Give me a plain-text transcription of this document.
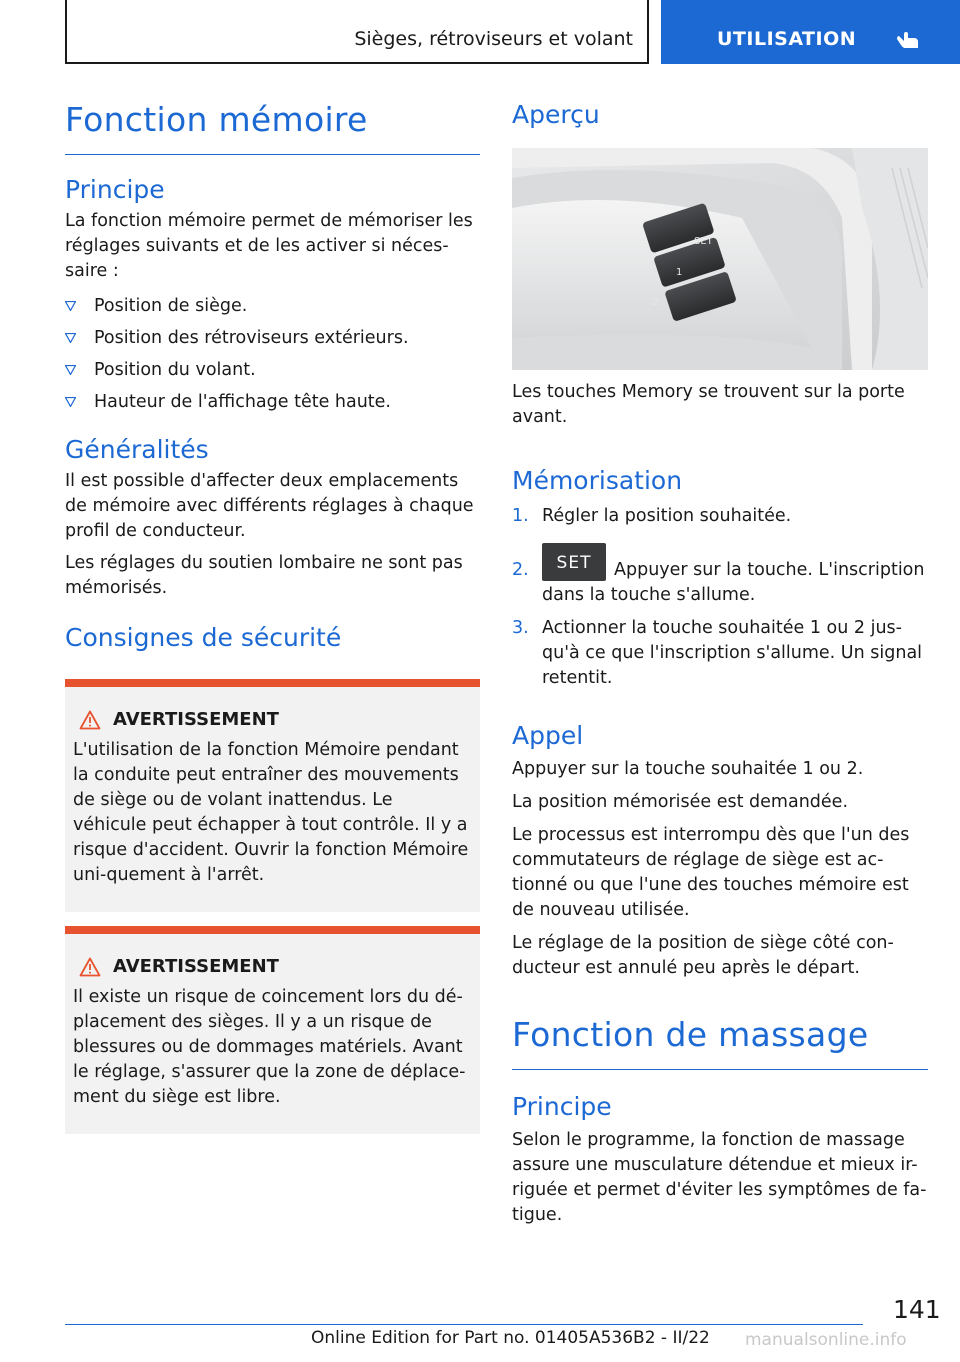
Sièges, rétroviseurs et volant	UTILISATION
Fonction mémoire
Principe
La fonction mémoire permet de mémoriser les réglages suivants et de les activer si néces-saire :
Position de siège.
Position des rétroviseurs extérieurs.
Position du volant.
Hauteur de l'affichage tête haute.
Généralités
Il est possible d'affecter deux emplacements de mémoire avec différents réglages à chaque profil de conducteur.
Les réglages du soutien lombaire ne sont pas mémorisés.
Consignes de sécurité
AVERTISSEMENT
L'utilisation de la fonction Mémoire pendant la conduite peut entraîner des mouvements de siège ou de volant inattendus. Le véhicule peut échapper à tout contrôle. Il y a risque d'accident. Ouvrir la fonction Mémoire uni-quement à l'arrêt.
AVERTISSEMENT
Il existe un risque de coincement lors du dé-placement des sièges. Il y a un risque de blessures ou de dommages matériels. Avant le réglage, s'assurer que la zone de déplace-ment du siège est libre.
Aperçu
SET
1
2
Les touches Memory se trouvent sur la porte avant.
Mémorisation
1. Régler la position souhaitée.
2.	SET	Appuyer sur la touche. L'inscription dans la touche s'allume.
3. Actionner la touche souhaitée 1 ou 2 jus-qu'à ce que l'inscription s'allume. Un signal retentit.
Appel
Appuyer sur la touche souhaitée 1 ou 2.
La position mémorisée est demandée.
Le processus est interrompu dès que l'un des commutateurs de réglage de siège est ac-tionné ou que l'une des touches mémoire est de nouveau utilisée.
Le réglage de la position de siège côté con-ducteur est annulé peu après le départ.
Fonction de massage
Principe
Selon le programme, la fonction de massage assure une musculature détendue et mieux ir-riguée et permet d'éviter les symptômes de fa-tigue.
141
Online Edition for Part no. 01405A536B2 - II/22 manualsonline.info
